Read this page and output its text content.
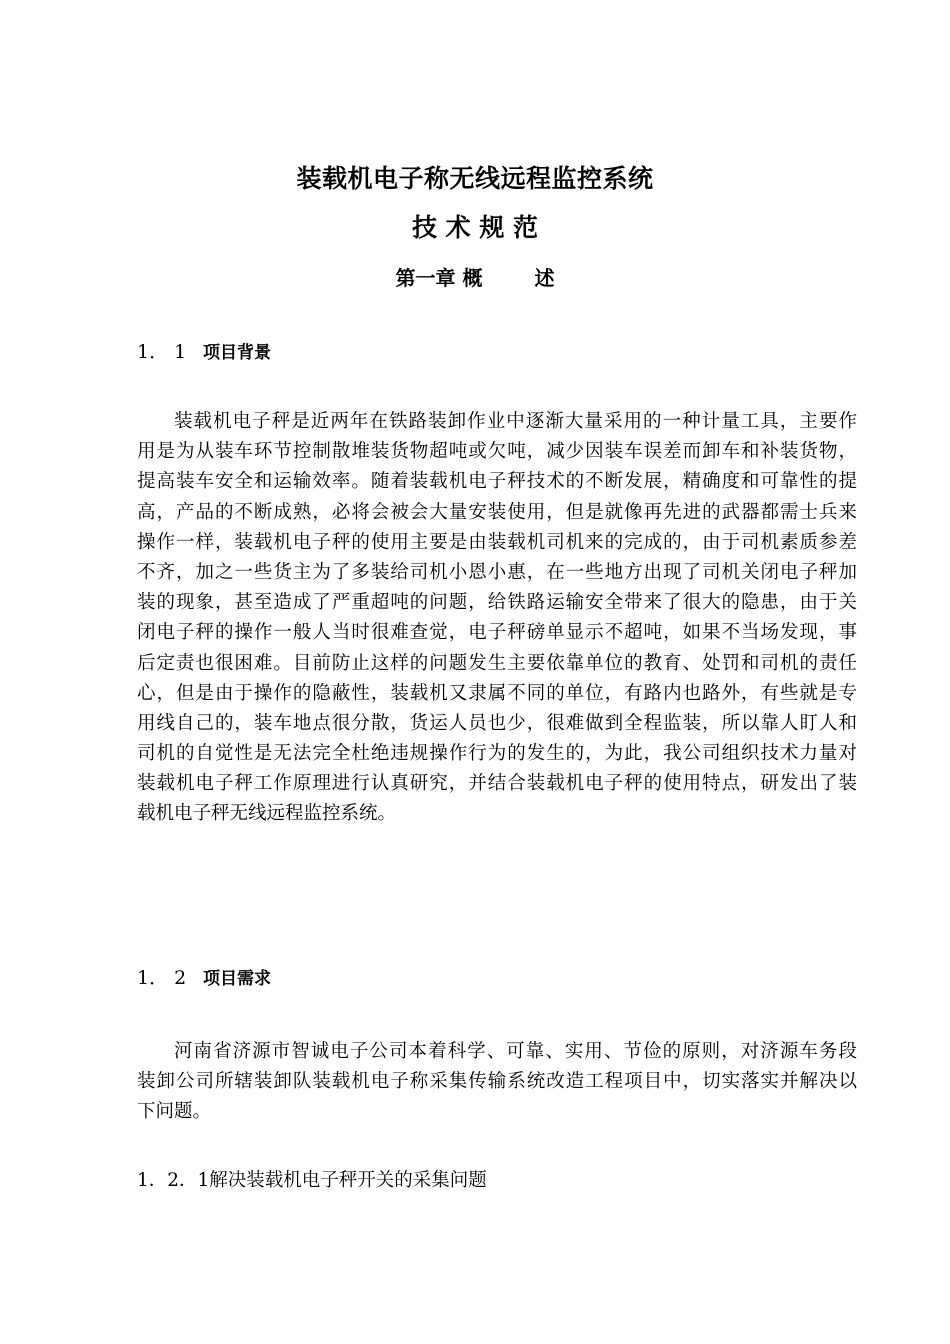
装载机电子称无线远程监控系统
技 术 规 范
第一章 概	述
1． 1 项目背景
装载机电子秤是近两年在铁路装卸作业中逐渐大量采用的一种计量工具，主要作
用是为从装车环节控制散堆装货物超吨或欠吨，减少因装车误差而卸车和补装货物，
提高装车安全和运输效率。随着装载机电子秤技术的不断发展，精确度和可靠性的提
高，产品的不断成熟，必将会被会大量安装使用，但是就像再先进的武器都需士兵来
操作一样，装载机电子秤的使用主要是由装载机司机来的完成的，由于司机素质参差
不齐，加之一些货主为了多装给司机小恩小惠，在一些地方出现了司机关闭电子秤加
装的现象，甚至造成了严重超吨的问题，给铁路运输安全带来了很大的隐患，由于关
闭电子秤的操作一般人当时很难查觉，电子秤磅单显示不超吨，如果不当场发现，事
后定责也很困难。目前防止这样的问题发生主要依靠单位的教育、处罚和司机的责任
心，但是由于操作的隐蔽性，装载机又隶属不同的单位，有路内也路外，有些就是专
用线自己的，装车地点很分散，货运人员也少，很难做到全程监装，所以靠人盯人和
司机的自觉性是无法完全杜绝违规操作行为的发生的，为此，我公司组织技术力量对
装载机电子秤工作原理进行认真研究，并结合装载机电子秤的使用特点，研发出了装
载机电子秤无线远程监控系统。
1． 2 项目需求
河南省济源市智诚电子公司本着科学、可靠、实用、节俭的原则，对济源车务段
装卸公司所辖装卸队装载机电子称采集传输系统改造工程项目中，切实落实并解决以
下问题。
1．2．1解决装载机电子秤开关的采集问题
